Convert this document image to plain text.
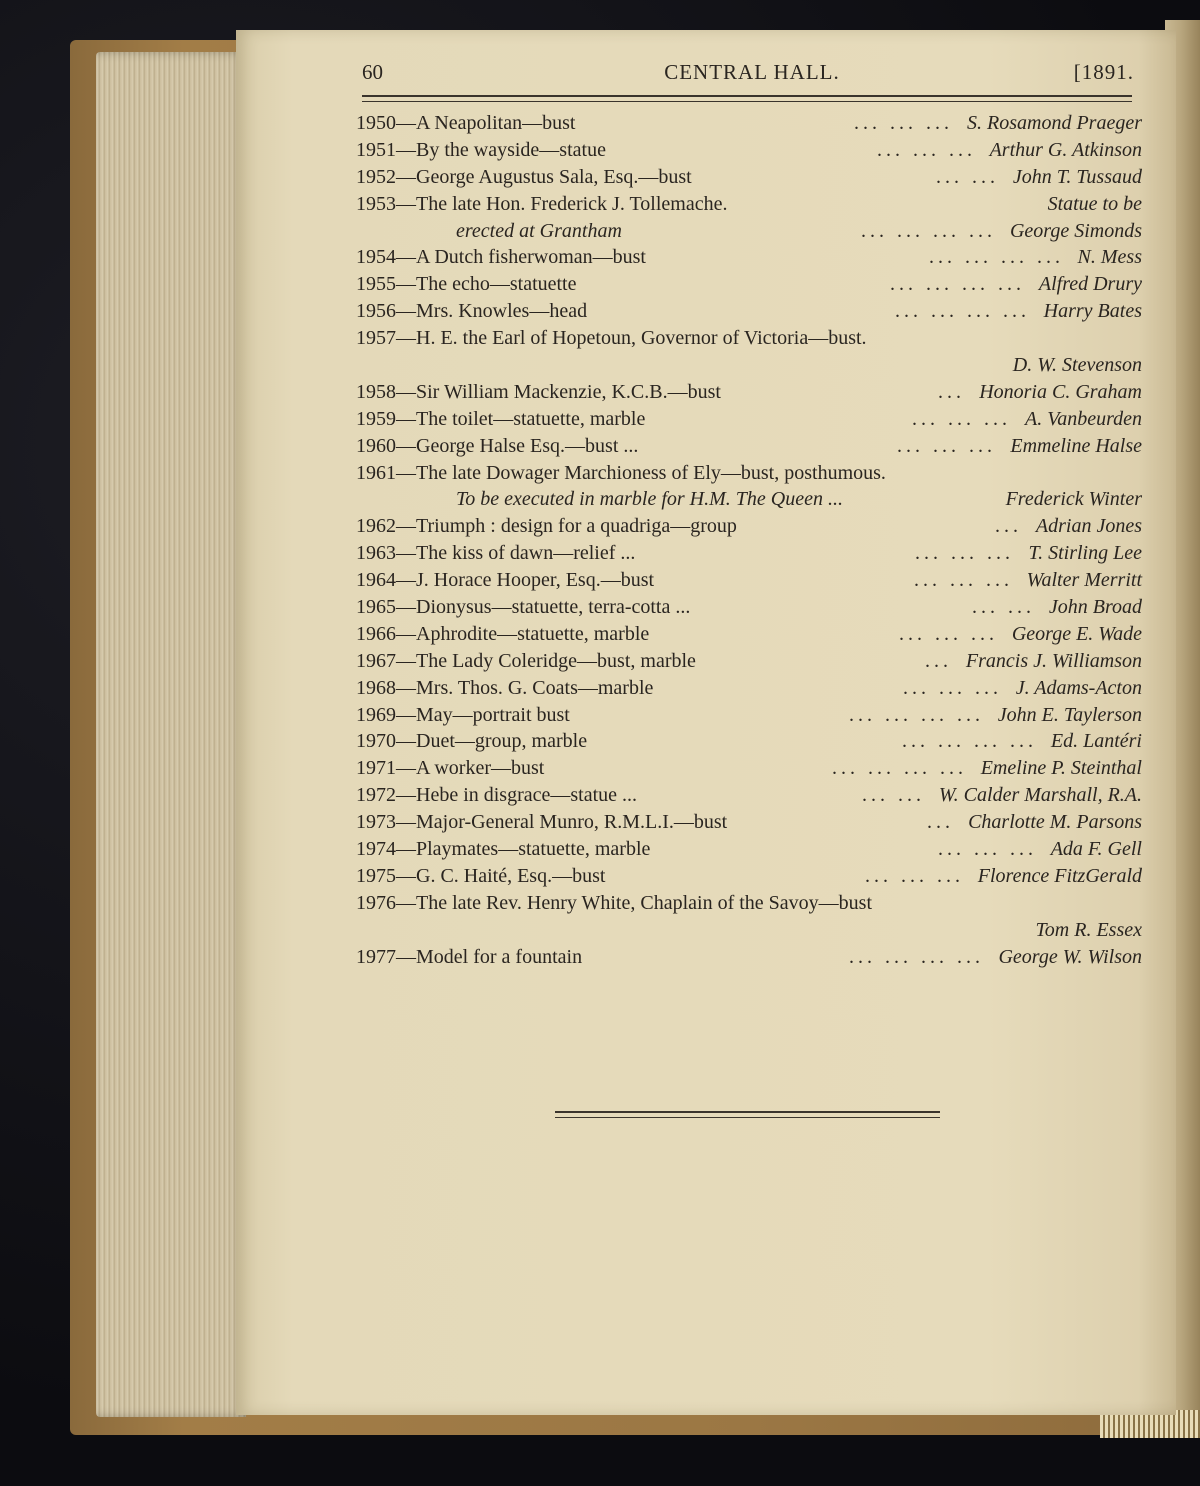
60	CENTRAL HALL.	[1891.
1950—A Neapolitan—bust	... ... ... S. Rosamond Praeger
1951—By the wayside—statue	... ... ... Arthur G. Atkinson
1952—George Augustus Sala, Esq.—bust	... ... John T. Tussaud
1953—The late Hon. Frederick J. Tollemache.	Statue to be
erected at Grantham	... ... ... ... George Simonds
1954—A Dutch fisherwoman—bust	... ... ... ... N. Mess
1955—The echo—statuette	... ... ... ... Alfred Drury
1956—Mrs. Knowles—head	... ... ... ... Harry Bates
1957—H. E. the Earl of Hopetoun, Governor of Victoria—bust.
D. W. Stevenson
1958—Sir William Mackenzie, K.C.B.—bust	... Honoria C. Graham
1959—The toilet—statuette, marble	... ... ... A. Vanbeurden
1960—George Halse Esq.—bust ...	... ... ... Emmeline Halse
1961—The late Dowager Marchioness of Ely—bust, posthumous.
To be executed in marble for H.M. The Queen ...	Frederick Winter
1962—Triumph : design for a quadriga—group	... Adrian Jones
1963—The kiss of dawn—relief ...	... ... ... T. Stirling Lee
1964—J. Horace Hooper, Esq.—bust	... ... ... Walter Merritt
1965—Dionysus—statuette, terra-cotta ...	... ... John Broad
1966—Aphrodite—statuette, marble	... ... ... George E. Wade
1967—The Lady Coleridge—bust, marble	... Francis J. Williamson
1968—Mrs. Thos. G. Coats—marble	... ... ... J. Adams-Acton
1969—May—portrait bust	... ... ... ... John E. Taylerson
1970—Duet—group, marble	... ... ... ... Ed. Lantéri
1971—A worker—bust	... ... ... ... Emeline P. Steinthal
1972—Hebe in disgrace—statue ...	... ... W. Calder Marshall, R.A.
1973—Major-General Munro, R.M.L.I.—bust	... Charlotte M. Parsons
1974—Playmates—statuette, marble	... ... ... Ada F. Gell
1975—G. C. Haité, Esq.—bust	... ... ... Florence FitzGerald
1976—The late Rev. Henry White, Chaplain of the Savoy—bust
Tom R. Essex
1977—Model for a fountain	... ... ... ... George W. Wilson
